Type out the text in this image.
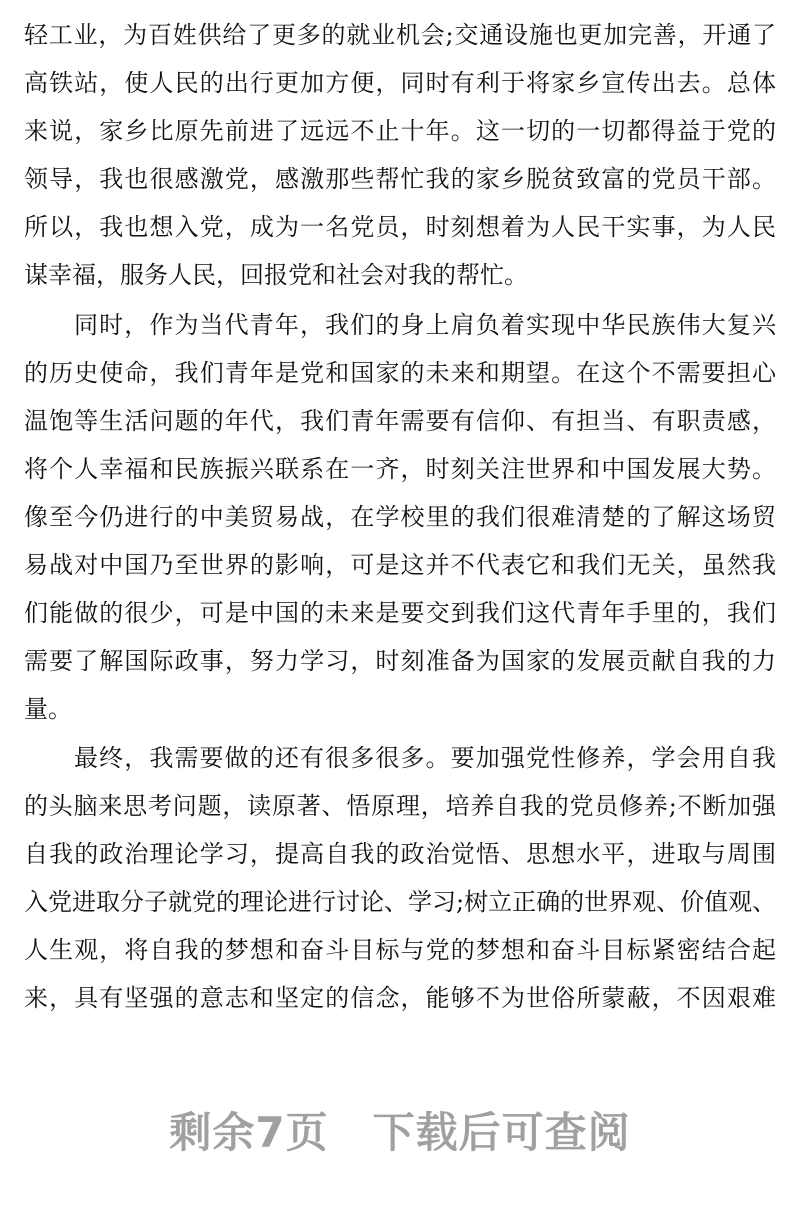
轻工业，为百姓供给了更多的就业机会;交通设施也更加完善，开通了
高铁站，使人民的出行更加方便，同时有利于将家乡宣传出去。总体
来说，家乡比原先前进了远远不止十年。这一切的一切都得益于党的
领导，我也很感激党，感激那些帮忙我的家乡脱贫致富的党员干部。
所以，我也想入党，成为一名党员，时刻想着为人民干实事，为人民
谋幸福，服务人民，回报党和社会对我的帮忙。
同时，作为当代青年，我们的身上肩负着实现中华民族伟大复兴
的历史使命，我们青年是党和国家的未来和期望。在这个不需要担心
温饱等生活问题的年代，我们青年需要有信仰、有担当、有职责感，
将个人幸福和民族振兴联系在一齐，时刻关注世界和中国发展大势。
像至今仍进行的中美贸易战，在学校里的我们很难清楚的了解这场贸
易战对中国乃至世界的影响，可是这并不代表它和我们无关，虽然我
们能做的很少，可是中国的未来是要交到我们这代青年手里的，我们
需要了解国际政事，努力学习，时刻准备为国家的发展贡献自我的力
量。
最终，我需要做的还有很多很多。要加强党性修养，学会用自我
的头脑来思考问题，读原著、悟原理，培养自我的党员修养;不断加强
自我的政治理论学习，提高自我的政治觉悟、思想水平，进取与周围
入党进取分子就党的理论进行讨论、学习;树立正确的世界观、价值观、
人生观，将自我的梦想和奋斗目标与党的梦想和奋斗目标紧密结合起
来，具有坚强的意志和坚定的信念，能够不为世俗所蒙蔽，不因艰难
剩余7页 下载后可查阅
